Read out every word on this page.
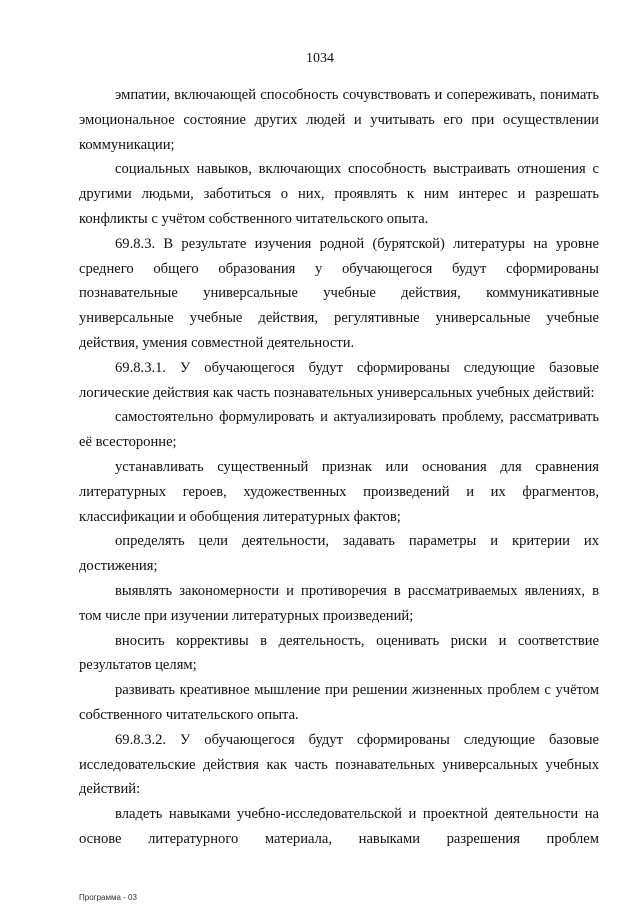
1034

эмпатии, включающей способность сочувствовать и сопереживать, понимать эмоциональное состояние других людей и учитывать его при осуществлении коммуникации;

социальных навыков, включающих способность выстраивать отношения с другими людьми, заботиться о них, проявлять к ним интерес и разрешать конфликты с учётом собственного читательского опыта.

69.8.3. В результате изучения родной (бурятской) литературы на уровне среднего общего образования у обучающегося будут сформированы познавательные универсальные учебные действия, коммуникативные универсальные учебные действия, регулятивные универсальные учебные действия, умения совместной деятельности.

69.8.3.1. У обучающегося будут сформированы следующие базовые логические действия как часть познавательных универсальных учебных действий:

самостоятельно формулировать и актуализировать проблему, рассматривать её всесторонне;

устанавливать существенный признак или основания для сравнения литературных героев, художественных произведений и их фрагментов, классификации и обобщения литературных фактов;

определять цели деятельности, задавать параметры и критерии их достижения;

выявлять закономерности и противоречия в рассматриваемых явлениях, в том числе при изучении литературных произведений;

вносить коррективы в деятельность, оценивать риски и соответствие результатов целям;

развивать креативное мышление при решении жизненных проблем с учётом собственного читательского опыта.

69.8.3.2. У обучающегося будут сформированы следующие базовые исследовательские действия как часть познавательных универсальных учебных действий:

владеть навыками учебно-исследовательской и проектной деятельности на основе литературного материала, навыками разрешения проблем

Программа - 03
